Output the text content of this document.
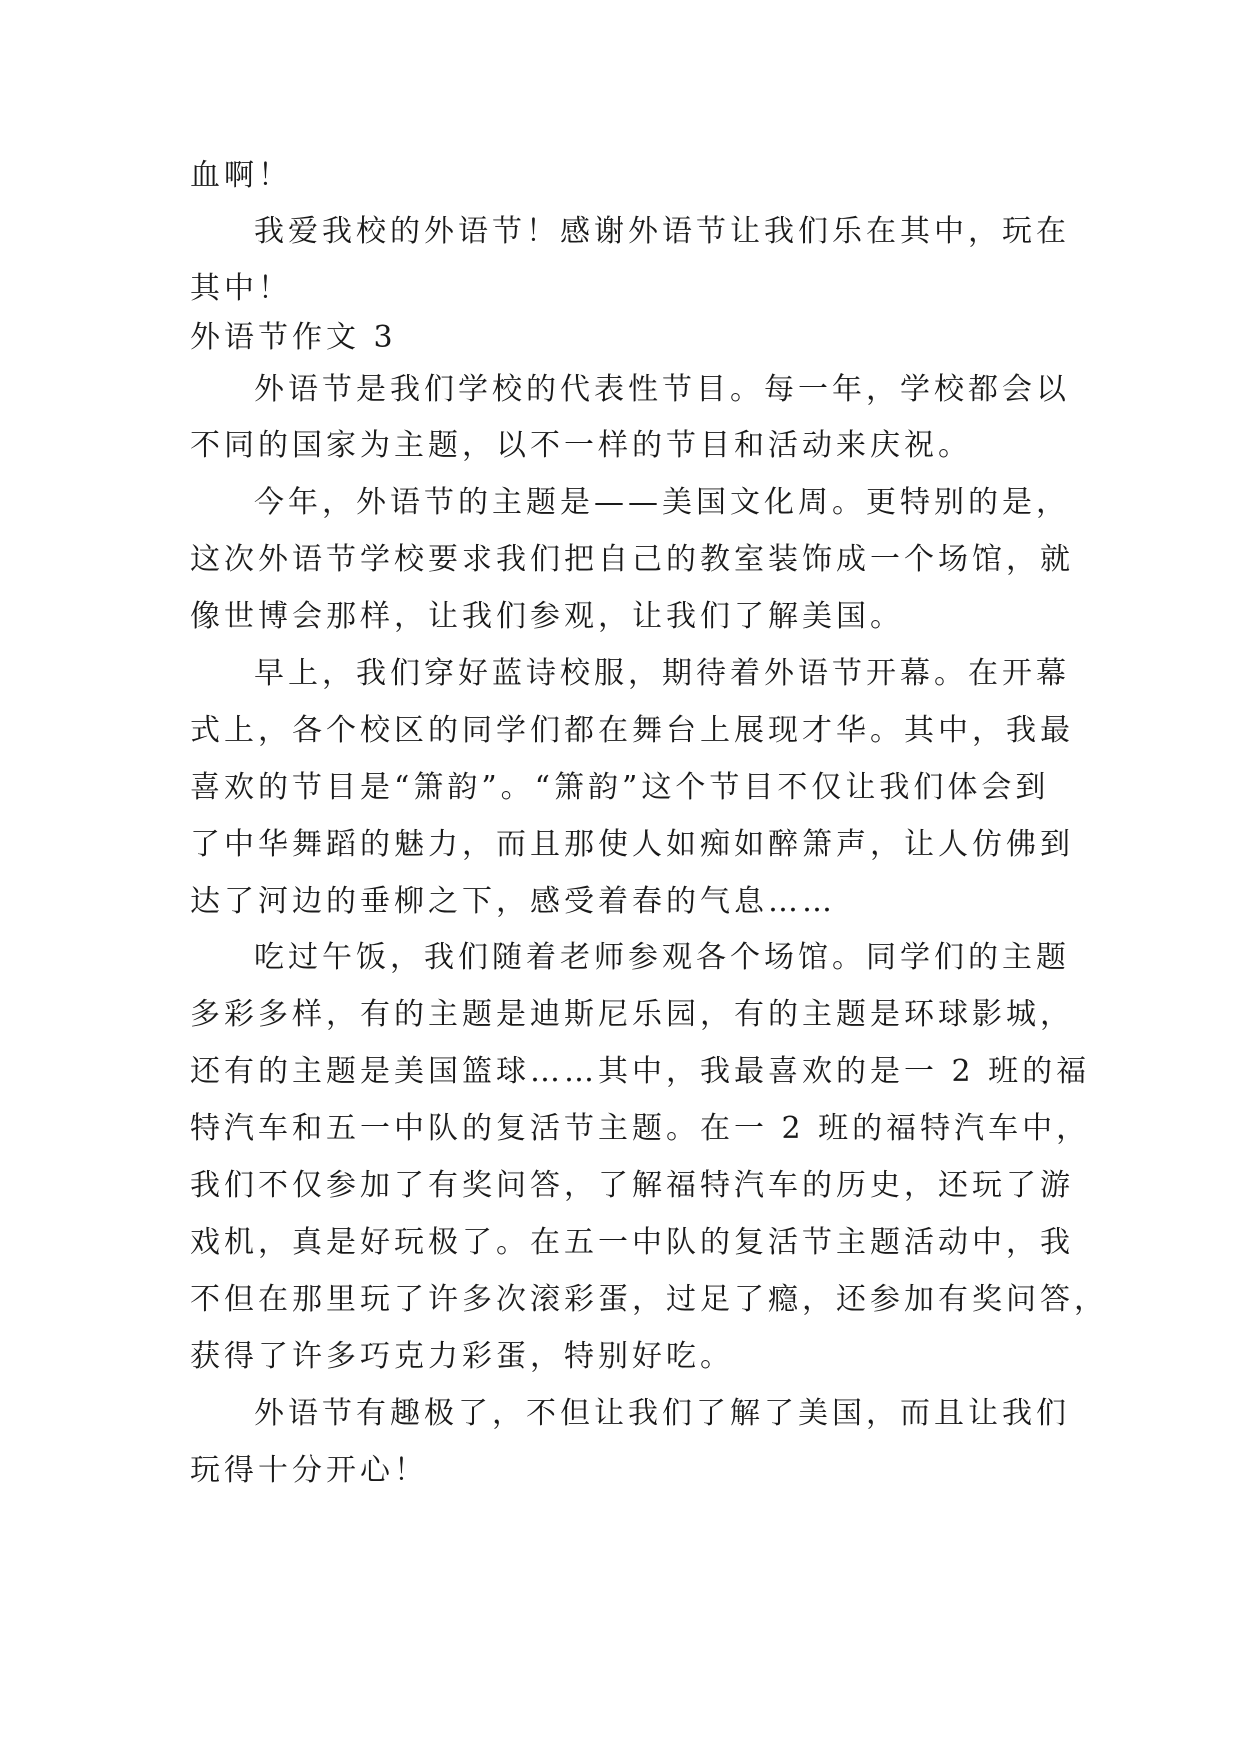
血啊！
我爱我校的外语节！感谢外语节让我们乐在其中，玩在
其中！
外语节作文 3
外语节是我们学校的代表性节目。每一年，学校都会以
不同的国家为主题，以不一样的节目和活动来庆祝。
今年，外语节的主题是——美国文化周。更特别的是，
这次外语节学校要求我们把自己的教室装饰成一个场馆，就
像世博会那样，让我们参观，让我们了解美国。
早上，我们穿好蓝诗校服，期待着外语节开幕。在开幕
式上，各个校区的同学们都在舞台上展现才华。其中，我最
喜欢的节目是“箫韵”。“箫韵”这个节目不仅让我们体会到
了中华舞蹈的魅力，而且那使人如痴如醉箫声，让人仿佛到
达了河边的垂柳之下，感受着春的气息……
吃过午饭，我们随着老师参观各个场馆。同学们的主题
多彩多样，有的主题是迪斯尼乐园，有的主题是环球影城，
还有的主题是美国篮球……其中，我最喜欢的是一 2 班的福
特汽车和五一中队的复活节主题。在一 2 班的福特汽车中，
我们不仅参加了有奖问答，了解福特汽车的历史，还玩了游
戏机，真是好玩极了。在五一中队的复活节主题活动中，我
不但在那里玩了许多次滚彩蛋，过足了瘾，还参加有奖问答，
获得了许多巧克力彩蛋，特别好吃。
外语节有趣极了，不但让我们了解了美国，而且让我们
玩得十分开心！
